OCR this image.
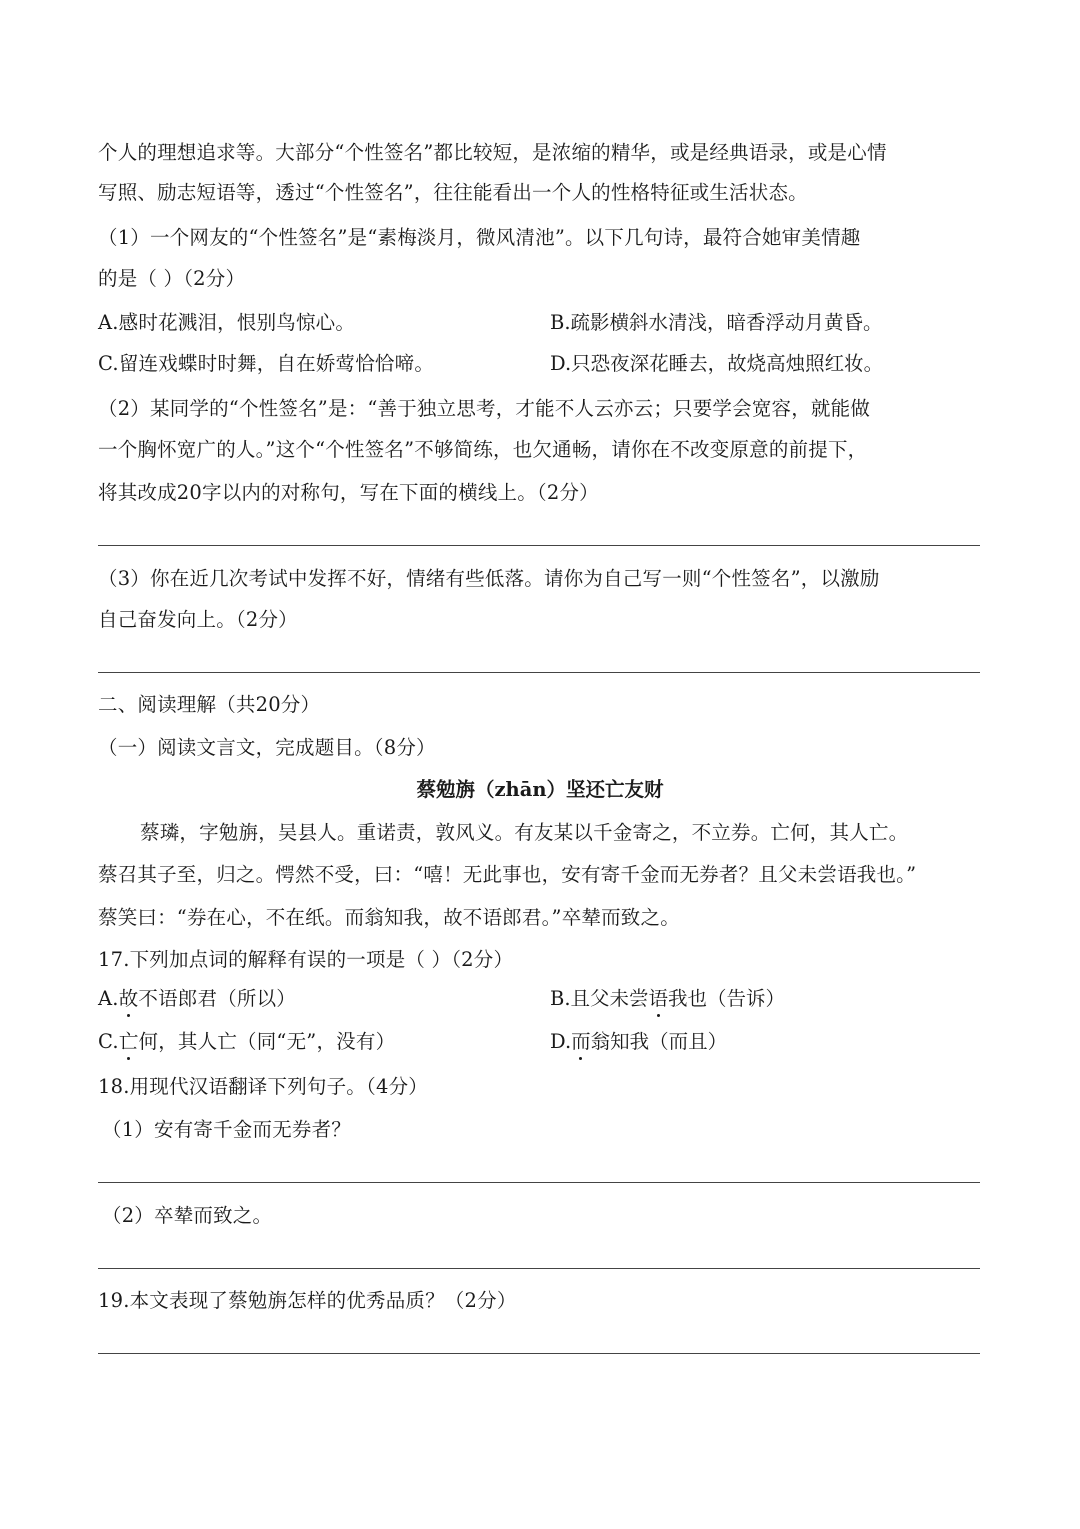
个人的理想追求等。大部分“个性签名”都比较短，是浓缩的精华，或是经典语录，或是心情
写照、励志短语等，透过“个性签名”，往往能看出一个人的性格特征或生活状态。
（1）一个网友的“个性签名”是“素梅淡月，微风清池”。以下几句诗，最符合她审美情趣
的是（ ）（2分）
A.感时花溅泪，恨别鸟惊心。	B.疏影横斜水清浅，暗香浮动月黄昏。
C.留连戏蝶时时舞，自在娇莺恰恰啼。	D.只恐夜深花睡去，故烧高烛照红妆。
（2）某同学的“个性签名”是：“善于独立思考，才能不人云亦云；只要学会宽容，就能做
一个胸怀宽广的人。”这个“个性签名”不够简练，也欠通畅，请你在不改变原意的前提下，
将其改成20字以内的对称句，写在下面的横线上。（2分）
（3）你在近几次考试中发挥不好，情绪有些低落。请你为自己写一则“个性签名”，以激励
自己奋发向上。（2分）
二、阅读理解（共20分）
（一）阅读文言文，完成题目。（8分）
蔡勉旃（zhān）坚还亡友财
蔡璘，字勉旃，吴县人。重诺责，敦风义。有友某以千金寄之，不立券。亡何，其人亡。
蔡召其子至，归之。愕然不受，曰：“嘻！无此事也，安有寄千金而无券者？且父未尝语我也。”
蔡笑曰：“券在心，不在纸。而翁知我，故不语郎君。”卒辇而致之。
17.下列加点词的解释有误的一项是（ ）（2分）
A.故不语郎君（所以）	B.且父未尝语我也（告诉）
C.亡何，其人亡（同“无”，没有）	D.而翁知我（而且）
18.用现代汉语翻译下列句子。（4分）
（1）安有寄千金而无券者？
（2）卒辇而致之。
19.本文表现了蔡勉旃怎样的优秀品质？（2分）
